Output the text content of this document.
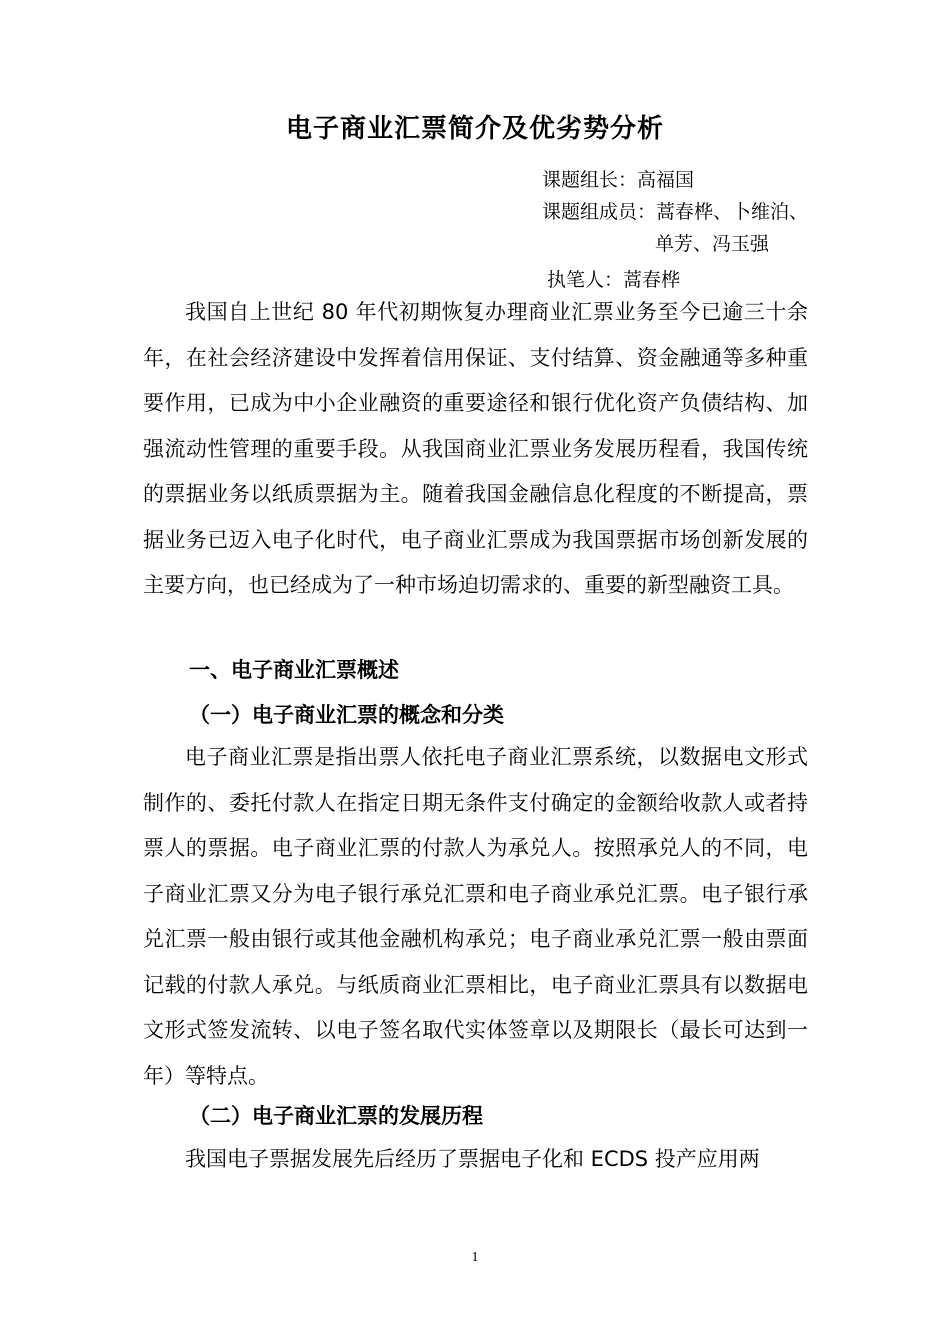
电子商业汇票简介及优劣势分析
课题组长：高福国
课题组成员：蒿春桦、卜维泊、
单芳、冯玉强
执笔人：蒿春桦

我国自上世纪 80 年代初期恢复办理商业汇票业务至今已逾三十余年，在社会经济建设中发挥着信用保证、支付结算、资金融通等多种重要作用，已成为中小企业融资的重要途径和银行优化资产负债结构、加强流动性管理的重要手段。从我国商业汇票业务发展历程看，我国传统的票据业务以纸质票据为主。随着我国金融信息化程度的不断提高，票据业务已迈入电子化时代，电子商业汇票成为我国票据市场创新发展的主要方向，也已经成为了一种市场迫切需求的、重要的新型融资工具。

一、电子商业汇票概述
（一）电子商业汇票的概念和分类

电子商业汇票是指出票人依托电子商业汇票系统，以数据电文形式制作的、委托付款人在指定日期无条件支付确定的金额给收款人或者持票人的票据。电子商业汇票的付款人为承兑人。按照承兑人的不同，电子商业汇票又分为电子银行承兑汇票和电子商业承兑汇票。电子银行承兑汇票一般由银行或其他金融机构承兑；电子商业承兑汇票一般由票面记载的付款人承兑。与纸质商业汇票相比，电子商业汇票具有以数据电文形式签发流转、以电子签名取代实体签章以及期限长（最长可达到一年）等特点。

（二）电子商业汇票的发展历程

我国电子票据发展先后经历了票据电子化和 ECDS 投产应用两

1
